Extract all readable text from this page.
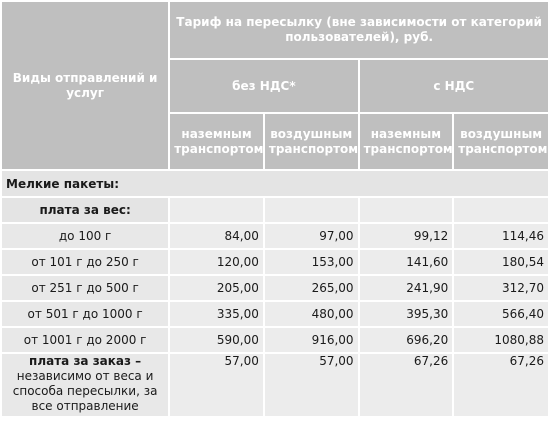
Виды отправлений и услуг	Тариф на пересылку (вне зависимости от категорий пользователей), руб.			
	без НДС*		с НДС	
	наземным транспортом	воздушным транспортом	наземным транспортом	воздушным транспортом
Мелкие пакеты:				
плата за вес:				
до 100 г	84,00	97,00	99,12	114,46
от 101 г до 250 г	120,00	153,00	141,60	180,54
от 251 г до 500 г	205,00	265,00	241,90	312,70
от 501 г до 1000 г	335,00	480,00	395,30	566,40
от 1001 г до 2000 г	590,00	916,00	696,20	1080,88
плата за заказ –
независимо от веса и способа пересылки, за все отправление	57,00	57,00	67,26	67,26
